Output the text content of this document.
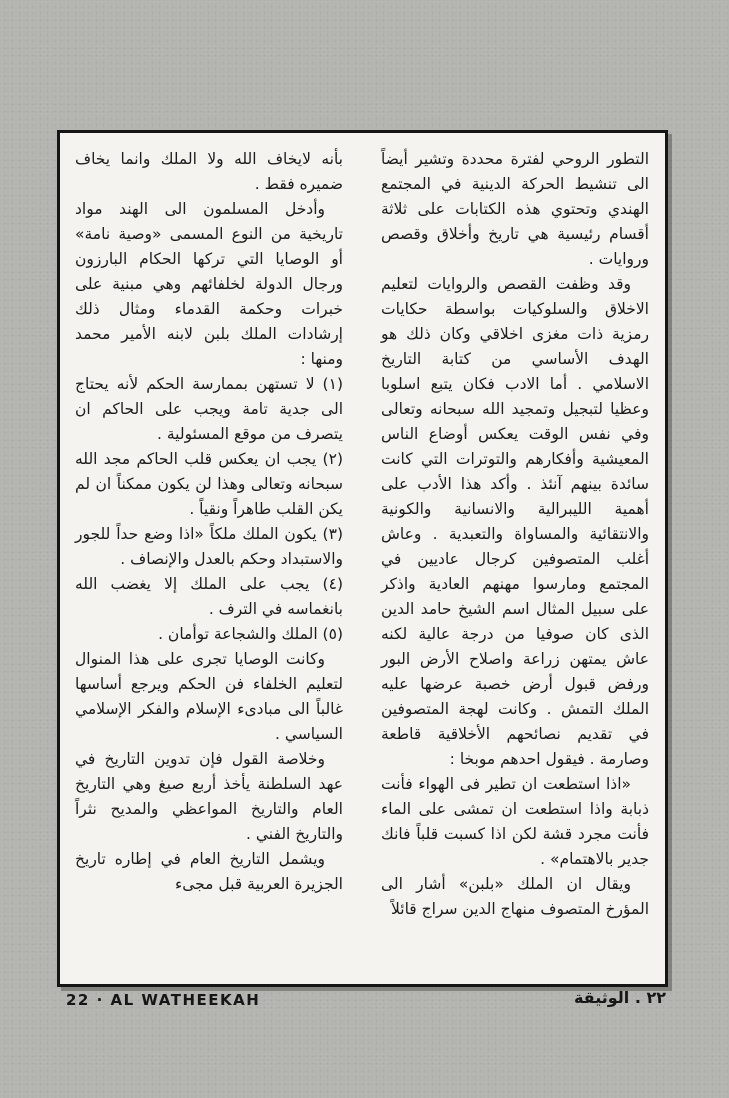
التطور الروحي لفترة محددة وتشير أيضاً الى تنشيط الحركة الدينية في المجتمع الهندي وتحتوي هذه الكتابات على ثلاثة أقسام رئيسية هي تاريخ وأخلاق وقصص وروايات .

وقد وظفت القصص والروايات لتعليم الاخلاق والسلوكيات بواسطة حكايات رمزية ذات مغزى اخلاقي وكان ذلك هو الهدف الأساسي من كتابة التاريخ الاسلامي . أما الادب فكان يتبع اسلوبا وعظيا لتبجيل وتمجيد الله سبحانه وتعالى وفي نفس الوقت يعكس أوضاع الناس المعيشية وأفكارهم والتوترات التي كانت سائدة بينهم آنئذ . وأكد هذا الأدب على أهمية الليبرالية والانسانية والكونية والانتقائية والمساواة والتعبدية . وعاش أغلب المتصوفين كرجال عاديين في المجتمع ومارسوا مهنهم العادية واذكر على سبيل المثال اسم الشيخ حامد الدين الذى كان صوفيا من درجة عالية لكنه عاش يمتهن زراعة واصلاح الأرض البور ورفض قبول أرض خصبة عرضها عليه الملك التمش . وكانت لهجة المتصوفين في تقديم نصائحهم الأخلاقية قاطعة وصارمة . فيقول احدهم موبخا :

«اذا استطعت ان تطير فى الهواء فأنت ذبابة واذا استطعت ان تمشى على الماء فأنت مجرد قشة لكن اذا كسبت قلباً فانك جدير بالاهتمام» .

ويقال ان الملك «بلبن» أشار الى المؤرخ المتصوف منهاج الدين سراج قائلاً

بأنه لايخاف الله ولا الملك وانما يخاف ضميره فقط .

وأدخل المسلمون الى الهند مواد تاريخية من النوع المسمى «وصية نامة» أو الوصايا التي تركها الحكام البارزون ورجال الدولة لخلفائهم وهي مبنية على خبرات وحكمة القدماء ومثال ذلك إرشادات الملك بلبن لابنه الأمير محمد ومنها :

(١) لا تستهن بممارسة الحكم لأنه يحتاج الى جدية تامة ويجب على الحاكم ان يتصرف من موقع المسئولية .

(٢) يجب ان يعكس قلب الحاكم مجد الله سبحانه وتعالى وهذا لن يكون ممكناً ان لم يكن القلب طاهراً ونقياً .

(٣) يكون الملك ملكاً «اذا وضع حداً للجور والاستبداد وحكم بالعدل والإنصاف .

(٤) يجب على الملك إلا يغضب الله بانغماسه في الترف .

(٥) الملك والشجاعة توأمان .

وكانت الوصايا تجرى على هذا المنوال لتعليم الخلفاء فن الحكم ويرجع أساسها غالباً الى مبادىء الإسلام والفكر الإسلامي السياسي .

وخلاصة القول فإن تدوين التاريخ في عهد السلطنة يأخذ أربع صيغ وهي التاريخ العام والتاريخ المواعظي والمديح نثراً والتاريخ الفني .

ويشمل التاريخ العام في إطاره تاريخ الجزيرة العربية قبل مجىء

22 · AL WATHEEKAH	٢٢ . الوثيقة
